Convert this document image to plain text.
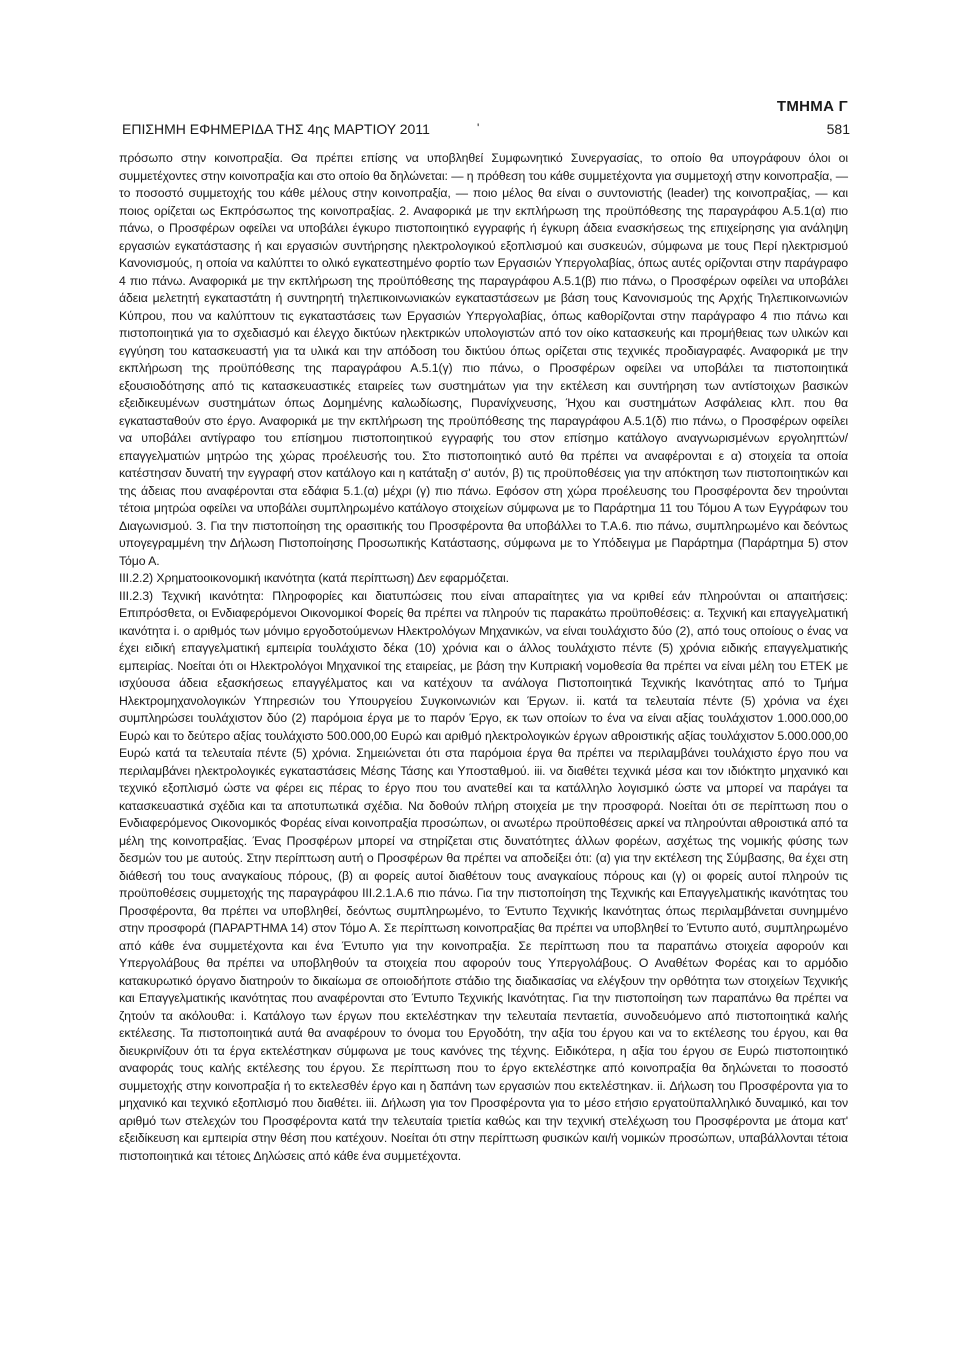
ΤΜΗΜΑ Γ
ΕΠΙΣΗΜΗ ΕΦΗΜΕΡΙΔΑ ΤΗΣ 4ης ΜΑΡΤΙΟΥ 2011	581
'

πρόσωπο στην κοινοπραξία. Θα πρέπει επίσης να υποβληθεί Συμφωνητικό Συνεργασίας, το οποίο θα υπογράφουν όλοι οι συμμετέχοντες στην κοινοπραξία και στο οποίο θα δηλώνεται: — η πρόθεση του κάθε συμμετέχοντα για συμμετοχή στην κοινοπραξία, — το ποσοστό συμμετοχής του κάθε μέλους στην κοινοπραξία, — ποιο μέλος θα είναι ο συντονιστής (leader) της κοινοπραξίας, — και ποιος ορίζεται ως Εκπρόσωπος της κοινοπραξίας. 2. Αναφορικά με την εκπλήρωση της προϋπόθεσης της παραγράφου Α.5.1(α) πιο πάνω, ο Προσφέρων οφείλει να υποβάλει έγκυρο πιστοποιητικό εγγραφής ή έγκυρη άδεια ενασκήσεως της επιχείρησης για ανάληψη εργασιών εγκατάστασης ή και εργασιών συντήρησης ηλεκτρολογικού εξοπλισμού και συσκευών, σύμφωνα με τους Περί ηλεκτρισμού Κανονισμούς, η οποία να καλύπτει το ολικό εγκατεστημένο φορτίο των Εργασιών Υπεργολαβίας, όπως αυτές ορίζονται στην παράγραφο 4 πιο πάνω. Αναφορικά με την εκπλήρωση της προϋπόθεσης της παραγράφου Α.5.1(β) πιο πάνω, ο Προσφέρων οφείλει να υποβάλει άδεια μελετητή εγκαταστάτη ή συντηρητή τηλεπικοινωνιακών εγκαταστάσεων με βάση τους Κανονισμούς της Αρχής Τηλεπικοινωνιών Κύπρου, που να καλύπτουν τις εγκαταστάσεις των Εργασιών Υπεργολαβίας, όπως καθορίζονται στην παράγραφο 4 πιο πάνω και πιστοποιητικά για το σχεδιασμό και έλεγχο δικτύων ηλεκτρικών υπολογιστών από τον οίκο κατασκευής και προμήθειας των υλικών και εγγύηση του κατασκευαστή για τα υλικά και την απόδοση του δικτύου όπως ορίζεται στις τεχνικές προδιαγραφές. Αναφορικά με την εκπλήρωση της προϋπόθεσης της παραγράφου Α.5.1(γ) πιο πάνω, ο Προσφέρων οφείλει να υποβάλει τα πιστοποιητικά εξουσιοδότησης από τις κατασκευαστικές εταιρείες των συστημάτων για την εκτέλεση και συντήρηση των αντίστοιχων βασικών εξειδικευμένων συστημάτων όπως Δομημένης καλωδίωσης, Πυρανίχνευσης, Ήχου και συστημάτων Ασφάλειας κλπ. που θα εγκατασταθούν στο έργο. Αναφορικά με την εκπλήρωση της προϋπόθεσης της παραγράφου Α.5.1(δ) πιο πάνω, ο Προσφέρων οφείλει να υποβάλει αντίγραφο του επίσημου πιστοποιητικού εγγραφής του στον επίσημο κατάλογο αναγνωρισμένων εργοληπτών/επαγγελματιών μητρώο της χώρας προέλευσής του. Στο πιστοποιητικό αυτό θα πρέπει να αναφέρονται ε α) στοιχεία τα οποία κατέστησαν δυνατή την εγγραφή στον κατάλογο και η κατάταξη σ' αυτόν, β) τις προϋποθέσεις για την απόκτηση των πιστοποιητικών και της άδειας που αναφέρονται στα εδάφια 5.1.(α) μέχρι (γ) πιο πάνω. Εφόσον στη χώρα προέλευσης του Προσφέροντα δεν τηρούνται τέτοια μητρώα οφείλει να υποβάλει συμπληρωμένο κατάλογο στοιχείων σύμφωνα με το Παράρτημα 11 του Τόμου Α των Εγγράφων του Διαγωνισμού. 3. Για την πιστοποίηση της ορασιτικής του Προσφέροντα θα υποβάλλει το Τ.Α.6. πιο πάνω, συμπληρωμένο και δεόντως υπογεγραμμένη την Δήλωση Πιστοποίησης Προσωπικής Κατάστασης, σύμφωνα με το Υπόδειγμα με Παράρτημα (Παράρτημα 5) στον Τόμο Α.

III.2.2) Χρηματοοικονομική ικανότητα (κατά περίπτωση) Δεν εφαρμόζεται.

III.2.3) Τεχνική ικανότητα: Πληροφορίες και διατυπώσεις που είναι απαραίτητες για να κριθεί εάν πληρούνται οι απαιτήσεις: Επιπρόσθετα, οι Ενδιαφερόμενοι Οικονομικοί Φορείς θα πρέπει να πληρούν τις παρακάτω προϋποθέσεις: α. Τεχνική και επαγγελματική ικανότητα i. ο αριθμός των μόνιμο εργοδοτούμενων Ηλεκτρολόγων Μηχανικών, να είναι τουλάχιστο δύο (2), από τους οποίους ο ένας να έχει ειδική επαγγελματική εμπειρία τουλάχιστο δέκα (10) χρόνια και ο άλλος τουλάχιστο πέντε (5) χρόνια ειδικής επαγγελματικής εμπειρίας. Νοείται ότι οι Ηλεκτρολόγοι Μηχανικοί της εταιρείας, με βάση την Κυπριακή νομοθεσία θα πρέπει να είναι μέλη του ΕΤΕΚ με ισχύουσα άδεια εξασκήσεως επαγγέλματος και να κατέχουν τα ανάλογα Πιστοποιητικά Τεχνικής Ικανότητας από το Τμήμα Ηλεκτρομηχανολογικών Υπηρεσιών του Υπουργείου Συγκοινωνιών και Έργων. ii. κατά τα τελευταία πέντε (5) χρόνια να έχει συμπληρώσει τουλάχιστον δύο (2) παρόμοια έργα με το παρόν Έργο, εκ των οποίων το ένα να είναι αξίας τουλάχιστον 1.000.000,00 Ευρώ και το δεύτερο αξίας τουλάχιστο 500.000,00 Ευρώ και αριθμό ηλεκτρολογικών έργων αθροιστικής αξίας τουλάχιστον 5.000.000,00 Ευρώ κατά τα τελευταία πέντε (5) χρόνια. Σημειώνεται ότι στα παρόμοια έργα θα πρέπει να περιλαμβάνει τουλάχιστο έργο που να περιλαμβάνει ηλεκτρολογικές εγκαταστάσεις Μέσης Τάσης και Υποσταθμού. iii. να διαθέτει τεχνικά μέσα και τον ιδιόκτητο μηχανικό και τεχνικό εξοπλισμό ώστε να φέρει εις πέρας το έργο που του ανατεθεί και τα κατάλληλο λογισμικό ώστε να μπορεί να παράγει τα κατασκευαστικά σχέδια και τα αποτυπωτικά σχέδια. Να δοθούν πλήρη στοιχεία με την προσφορά. Νοείται ότι σε περίπτωση που ο Ενδιαφερόμενος Οικονομικός Φορέας είναι κοινοπραξία προσώπων, οι ανωτέρω προϋποθέσεις αρκεί να πληρούνται αθροιστικά από τα μέλη της κοινοπραξίας. Ένας Προσφέρων μπορεί να στηρίζεται στις δυνατότητες άλλων φορέων, ασχέτως της νομικής φύσης των δεσμών του με αυτούς. Στην περίπτωση αυτή ο Προσφέρων θα πρέπει να αποδείξει ότι: (α) για την εκτέλεση της Σύμβασης, θα έχει στη διάθεσή του τους αναγκαίους πόρους, (β) αι φορείς αυτοί διαθέτουν τους αναγκαίους πόρους και (γ) οι φορείς αυτοί πληρούν τις προϋποθέσεις συμμετοχής της παραγράφου III.2.1.Α.6 πιο πάνω. Για την πιστοποίηση της Τεχνικής και Επαγγελματικής ικανότητας του Προσφέροντα, θα πρέπει να υποβληθεί, δεόντως συμπληρωμένο, το Έντυπο Τεχνικής Ικανότητας όπως περιλαμβάνεται συνημμένο στην προσφορά (ΠΑΡΑΡΤΗΜΑ 14) στον Τόμο Α. Σε περίπτωση κοινοπραξίας θα πρέπει να υποβληθεί το Έντυπο αυτό, συμπληρωμένο από κάθε ένα συμμετέχοντα και ένα Έντυπο για την κοινοπραξία. Σε περίπτωση που τα παραπάνω στοιχεία αφορούν και Υπεργολάβους θα πρέπει να υποβληθούν τα στοιχεία που αφορούν τους Υπεργολάβους. Ο Αναθέτων Φορέας και το αρμόδιο κατακυρωτικό όργανο διατηρούν το δικαίωμα σε οποιοδήποτε στάδιο της διαδικασίας να ελέγξουν την ορθότητα των στοιχείων Τεχνικής και Επαγγελματικής ικανότητας που αναφέρονται στο Έντυπο Τεχνικής Ικανότητας. Για την πιστοποίηση των παραπάνω θα πρέπει να ζητούν τα ακόλουθα: i. Κατάλογο των έργων που εκτελέστηκαν την τελευταία πενταετία, συνοδευόμενο από πιστοποιητικά καλής εκτέλεσης. Τα πιστοποιητικά αυτά θα αναφέρουν το όνομα του Εργοδότη, την αξία του έργου και να το εκτέλεσης του έργου, και θα διευκρινίζουν ότι τα έργα εκτελέστηκαν σύμφωνα με τους κανόνες της τέχνης. Ειδικότερα, η αξία του έργου σε Ευρώ πιστοποιητικό αναφοράς τους καλής εκτέλεσης του έργου. Σε περίπτωση που το έργο εκτελέστηκε από κοινοπραξία θα δηλώνεται το ποσοστό συμμετοχής στην κοινοπραξία ή το εκτελεσθέν έργο και η δαπάνη των εργασιών που εκτελέστηκαν. ii. Δήλωση του Προσφέροντα για το μηχανικό και τεχνικό εξοπλισμό που διαθέτει. iii. Δήλωση για τον Προσφέροντα για το μέσο ετήσιο εργατοϋπαλληλικό δυναμικό, και τον αριθμό των στελεχών του Προσφέροντα κατά την τελευταία τριετία καθώς και την τεχνική στελέχωση του Προσφέροντα με άτομα κατ' εξειδίκευση και εμπειρία στην θέση που κατέχουν. Νοείται ότι στην περίπτωση φυσικών και/ή νομικών προσώπων, υπαβάλλονται τέτοια πιστοποιητικά και τέτοιες Δηλώσεις από κάθε ένα συμμετέχοντα.
